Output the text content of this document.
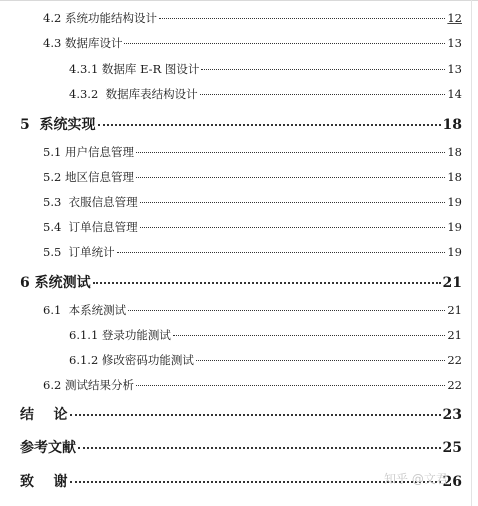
4.2 系统功能结构设计	12
4.3 数据库设计	13
4.3.1 数据库 E-R 图设计	13
4.3.2  数据库表结构设计	14
5  系统实现	18
5.1 用户信息管理	18
5.2 地区信息管理	18
5.3  衣服信息管理	19
5.4  订单信息管理	19
5.5  订单统计	19
6 系统测试	21
6.1  本系统测试	21
6.1.1 登录功能测试	21
6.1.2 修改密码功能测试	22
6.2 测试结果分析	22
结    论	23
参考文献	25
致    谢	26
知乎 @文君
